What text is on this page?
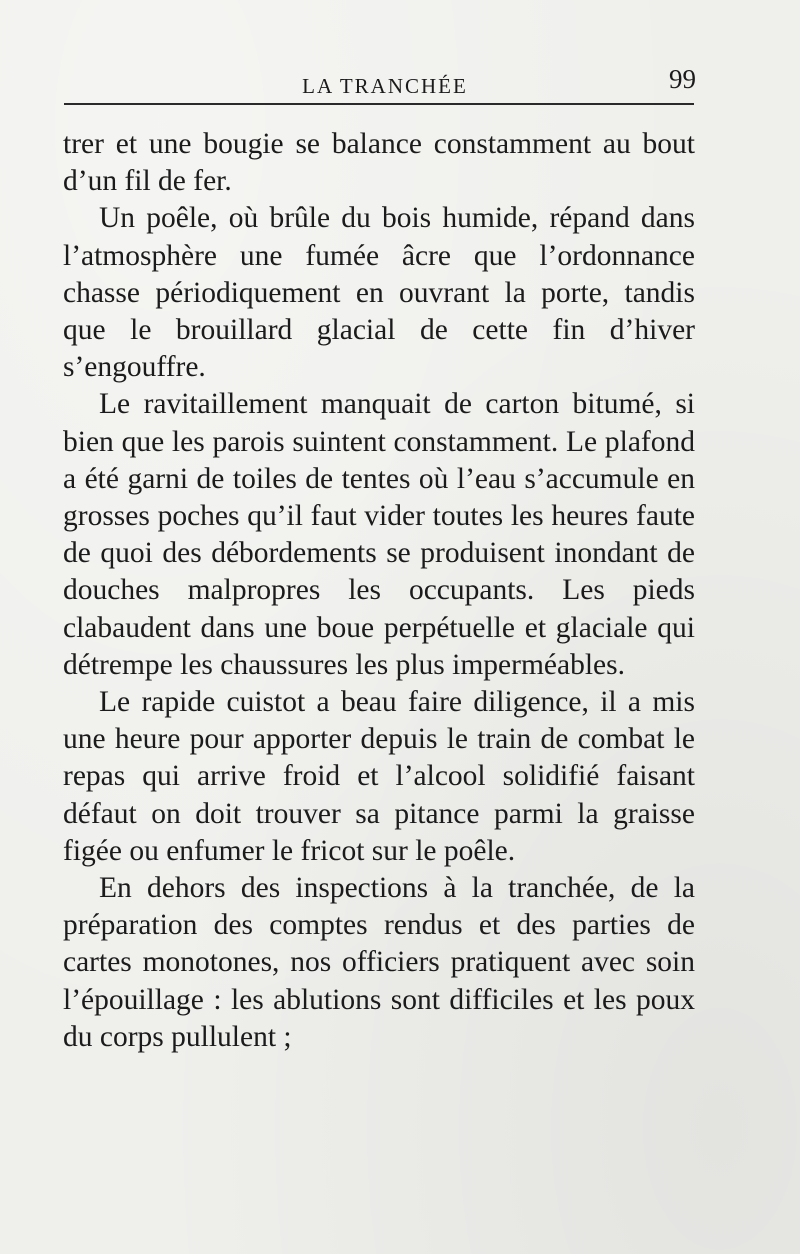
LA TRANCHÉE	99

trer et une bougie se balance constamment au bout d’un fil de fer.

Un poêle, où brûle du bois humide, répand dans l’atmosphère une fumée âcre que l’ordonnance chasse périodiquement en ouvrant la porte, tandis que le brouillard glacial de cette fin d’hiver s’engouffre.

Le ravitaillement manquait de carton bitumé, si bien que les parois suintent constamment. Le plafond a été garni de toiles de tentes où l’eau s’accumule en grosses poches qu’il faut vider toutes les heures faute de quoi des débordements se produisent inondant de douches malpropres les occupants. Les pieds clabaudent dans une boue perpétuelle et glaciale qui détrempe les chaussures les plus imperméables.

Le rapide cuistot a beau faire diligence, il a mis une heure pour apporter depuis le train de combat le repas qui arrive froid et l’alcool solidifié faisant défaut on doit trouver sa pitance parmi la graisse figée ou enfumer le fricot sur le poêle.

En dehors des inspections à la tranchée, de la préparation des comptes rendus et des parties de cartes monotones, nos officiers pratiquent avec soin l’épouillage : les ablutions sont difficiles et les poux du corps pullulent ;
